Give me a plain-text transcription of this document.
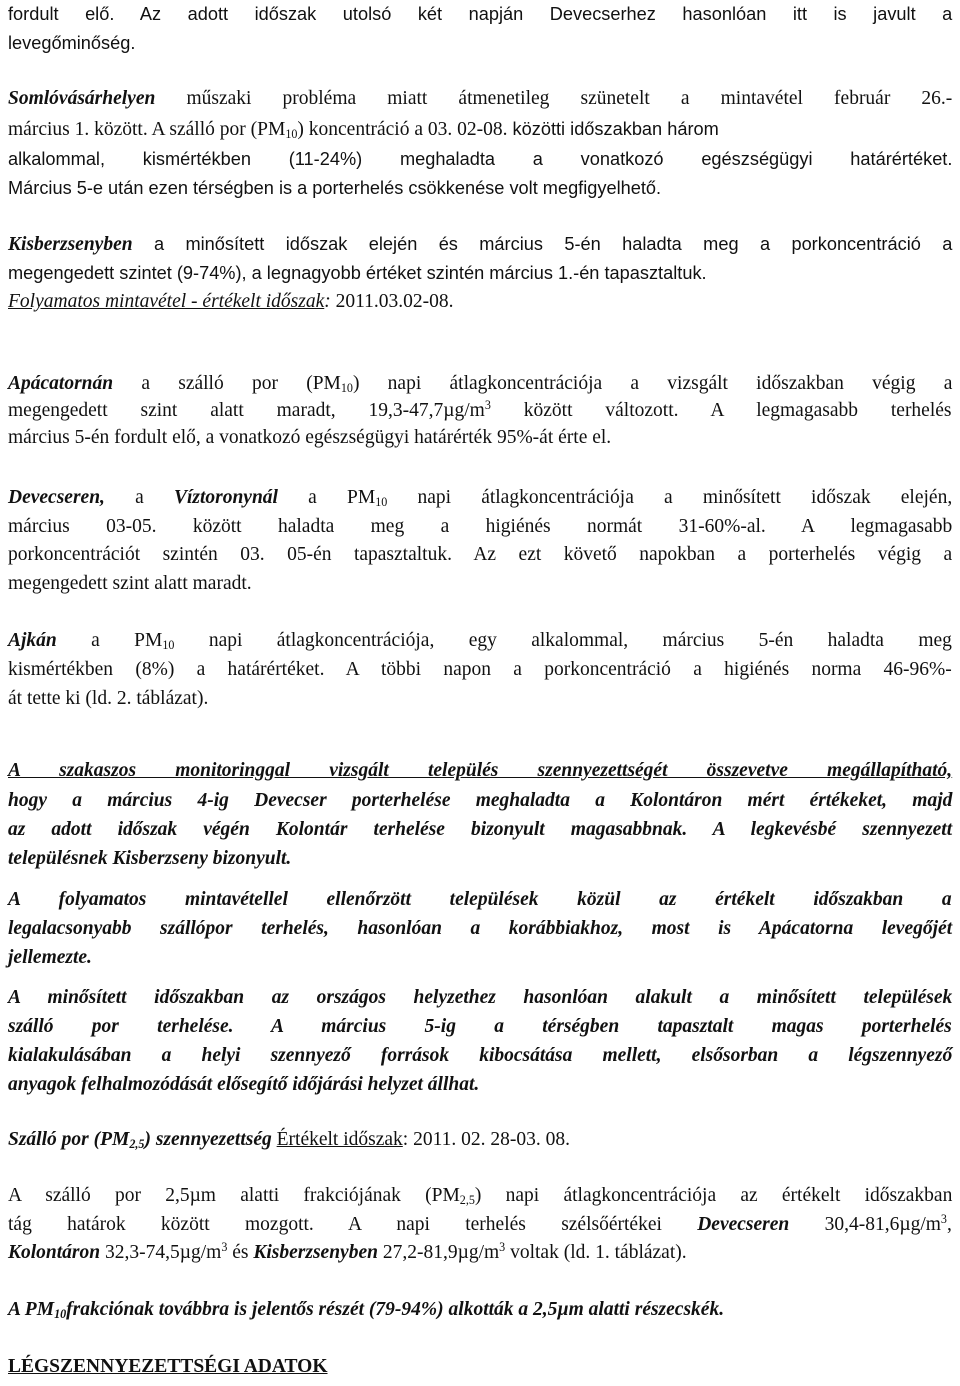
fordult elő. Az adott időszak utolsó két napján Devecserhez hasonlóan itt is javult a
levegőminőség.
Somlóvásárhelyen műszaki probléma miatt átmenetileg szünetelt a mintavétel február 26.-
március 1. között. A szálló por $(PM_{10})$ koncentráció a 03. 02-08. közötti időszakban három
alkalommal, kismértékben (11-24%) meghaladta a vonatkozó egészségügyi határértéket.
Március 5-e után ezen térségben is a porterhelés csökkenése volt megfigyelhető.
Kisberzsenyben a minősített időszak elején és március 5-én haladta meg a porkoncentráció a
megengedett szintet (9-74%), a legnagyobb értéket szintén március 1.-én tapasztaltuk.
Folyamatos mintavétel - értékelt időszak: 2011.03.02-08.
Apácatornán a szálló por $(PM_{10})$ napi átlagkoncentrációja a vizsgált időszakban végig a
megengedett szint alatt maradt, $19,3-47,7\mu g/m^3$ között változott. A legmagasabb terhelés
március 5-én fordult elő, a vonatkozó egészségügyi határérték 95%-át érte el.
Devecseren, a Víztoronynál a $PM_{10}$ napi átlagkoncentrációja a minősített időszak elején,
március 03-05. között haladta meg a higiénés normát 31-60%-al. A legmagasabb
porkoncentrációt szintén 03. 05-én tapasztaltuk. Az ezt követő napokban a porterhelés végig a
megengedett szint alatt maradt.
Ajkán a $PM_{10}$ napi átlagkoncentrációja, egy alkalommal, március 5-én haladta meg
kismértékben (8%) a határértéket. A többi napon a porkoncentráció a higiénés norma 46-96%-
át tette ki (ld. 2. táblázat).
A szakaszos monitoringgal vizsgált település szennyezettségét összevetve megállapítható,
hogy a március 4-ig Devecser porterhelése meghaladta a Kolontáron mért értékeket, majd
az adott időszak végén Kolontár terhelése bizonyult magasabbnak. A legkevésbé szennyezett
településnek Kisberzseny bizonyult.
A folyamatos mintavétellel ellenőrzött települések közül az értékelt időszakban a
legalacsonyabb szállópor terhelés, hasonlóan a korábbiakhoz, most is Apácatorna levegőjét
jellemezte.
A minősített időszakban az országos helyzethez hasonlóan alakult a minősített települések
szálló por terhelése. A március 5-ig a térségben tapasztalt magas porterhelés
kialakulásában a helyi szennyező források kibocsátása mellett, elsősorban a légszennyező
anyagok felhalmozódását elősegítő időjárási helyzet állhat.
Szálló por $(PM_{2,5})$ szennyezettség Értékelt időszak: 2011. 02. 28-03. 08.
A szálló por 2,5µm alatti frakciójának $(PM_{2,5})$ napi átlagkoncentrációja az értékelt időszakban
tág határok között mozgott. A napi terhelés szélsőértékei Devecseren $30,4-81,6\mu g/m^3$,
Kolontáron $32,3-74,5\mu g/m^3$ és Kisberzsenyben $27,2-81,9\mu g/m^3$ voltak (ld. 1. táblázat).
A $PM_{10}frakciónak$ továbbra is jelentős részét (79-94%) alkották a 2,5µm alatti részecskék.
LÉGSZENNYEZETTSÉGI ADATOK
